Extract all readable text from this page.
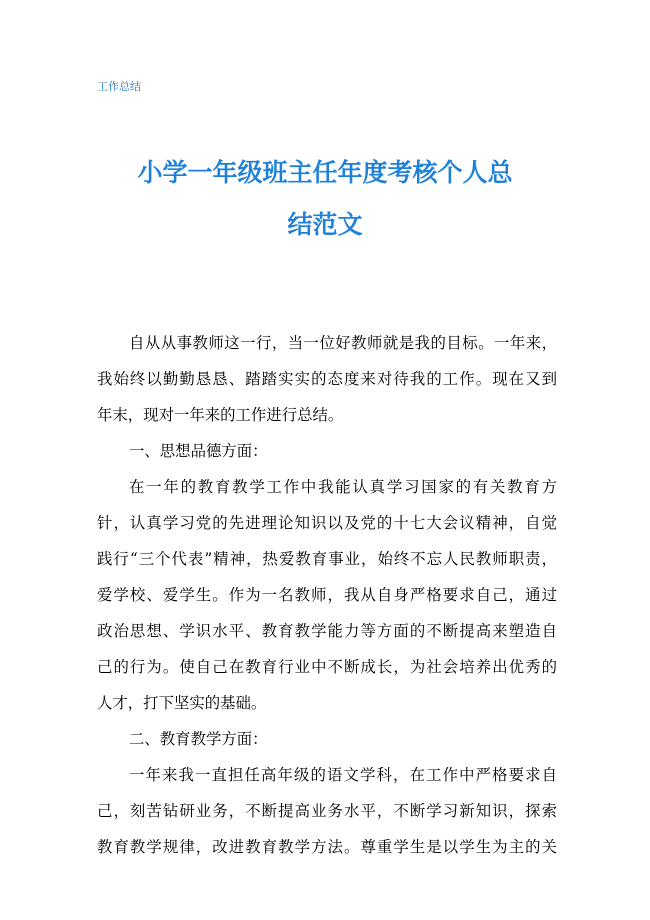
工作总结
小学一年级班主任年度考核个人总
结范文
自从从事教师这一行，当一位好教师就是我的目标。一年来，
我始终以勤勤恳恳、踏踏实实的态度来对待我的工作。现在又到
年末，现对一年来的工作进行总结。
一、思想品德方面：
在一年的教育教学工作中我能认真学习国家的有关教育方
针，认真学习党的先进理论知识以及党的十七大会议精神，自觉
践行“三个代表”精神，热爱教育事业，始终不忘人民教师职责，
爱学校、爱学生。作为一名教师，我从自身严格要求自己，通过
政治思想、学识水平、教育教学能力等方面的不断提高来塑造自
己的行为。使自己在教育行业中不断成长，为社会培养出优秀的
人才，打下坚实的基础。
二、教育教学方面：
一年来我一直担任高年级的语文学科，在工作中严格要求自
己，刻苦钻研业务，不断提高业务水平，不断学习新知识，探索
教育教学规律，改进教育教学方法。尊重学生是以学生为主的关
